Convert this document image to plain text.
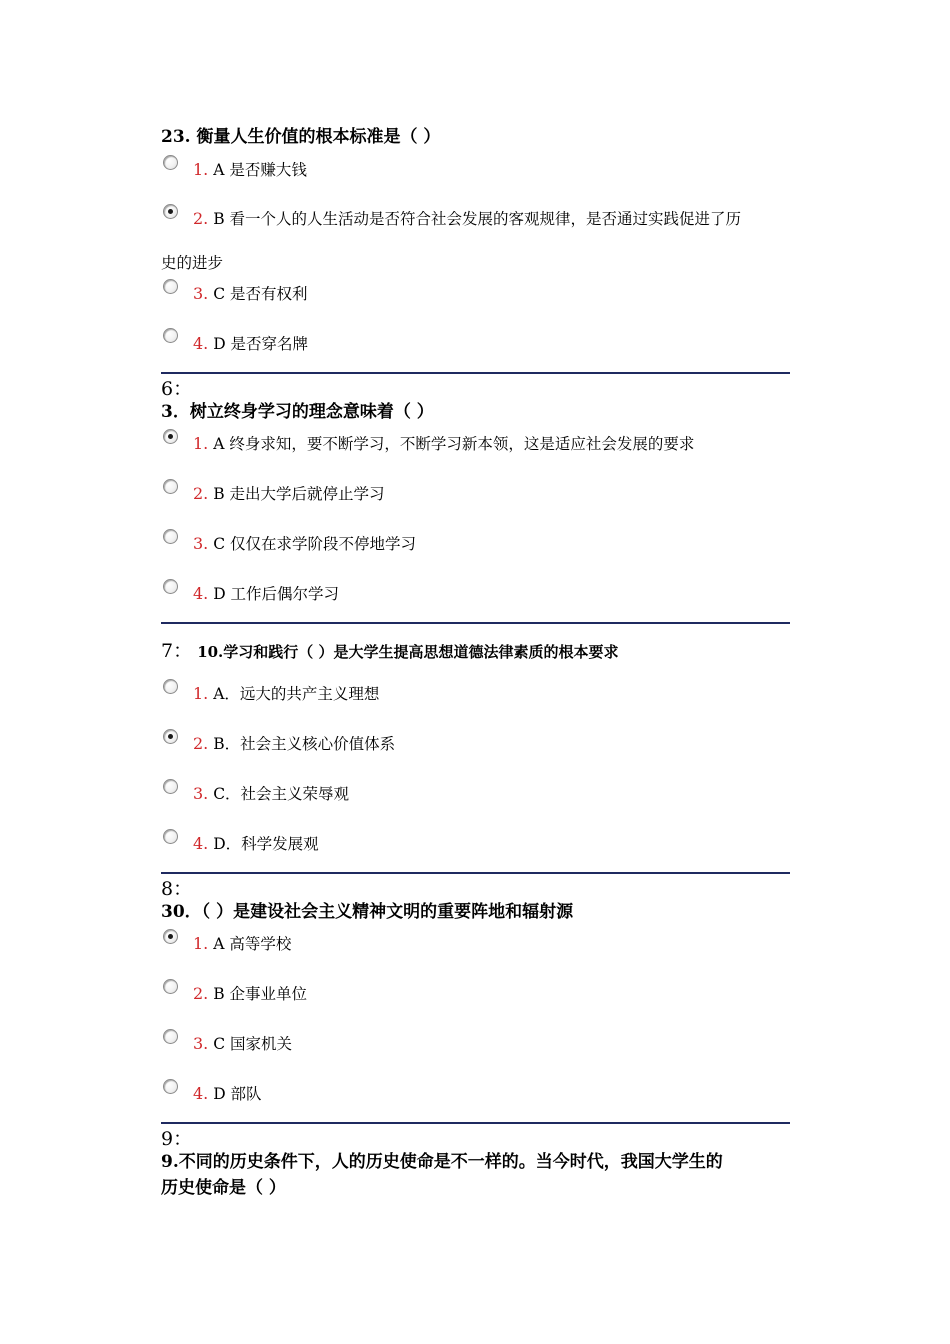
23. 衡量人生价值的根本标准是（ ）
1. A 是否赚大钱
2. B 看一个人的人生活动是否符合社会发展的客观规律，是否通过实践促进了历
史的进步
3. C 是否有权利
4. D 是否穿名牌
6：
3．树立终身学习的理念意味着（ ）
1. A 终身求知，要不断学习，不断学习新本领，这是适应社会发展的要求
2. B 走出大学后就停止学习
3. C 仅仅在求学阶段不停地学习
4. D 工作后偶尔学习
7： 10.学习和践行（ ）是大学生提高思想道德法律素质的根本要求
1. A．远大的共产主义理想
2. B．社会主义核心价值体系
3. C．社会主义荣辱观
4. D．科学发展观
8：
30．（ ）是建设社会主义精神文明的重要阵地和辐射源
1. A 高等学校
2. B 企事业单位
3. C 国家机关
4. D 部队
9：
9.不同的历史条件下，人的历史使命是不一样的。当今时代，我国大学生的
历史使命是（ ）
